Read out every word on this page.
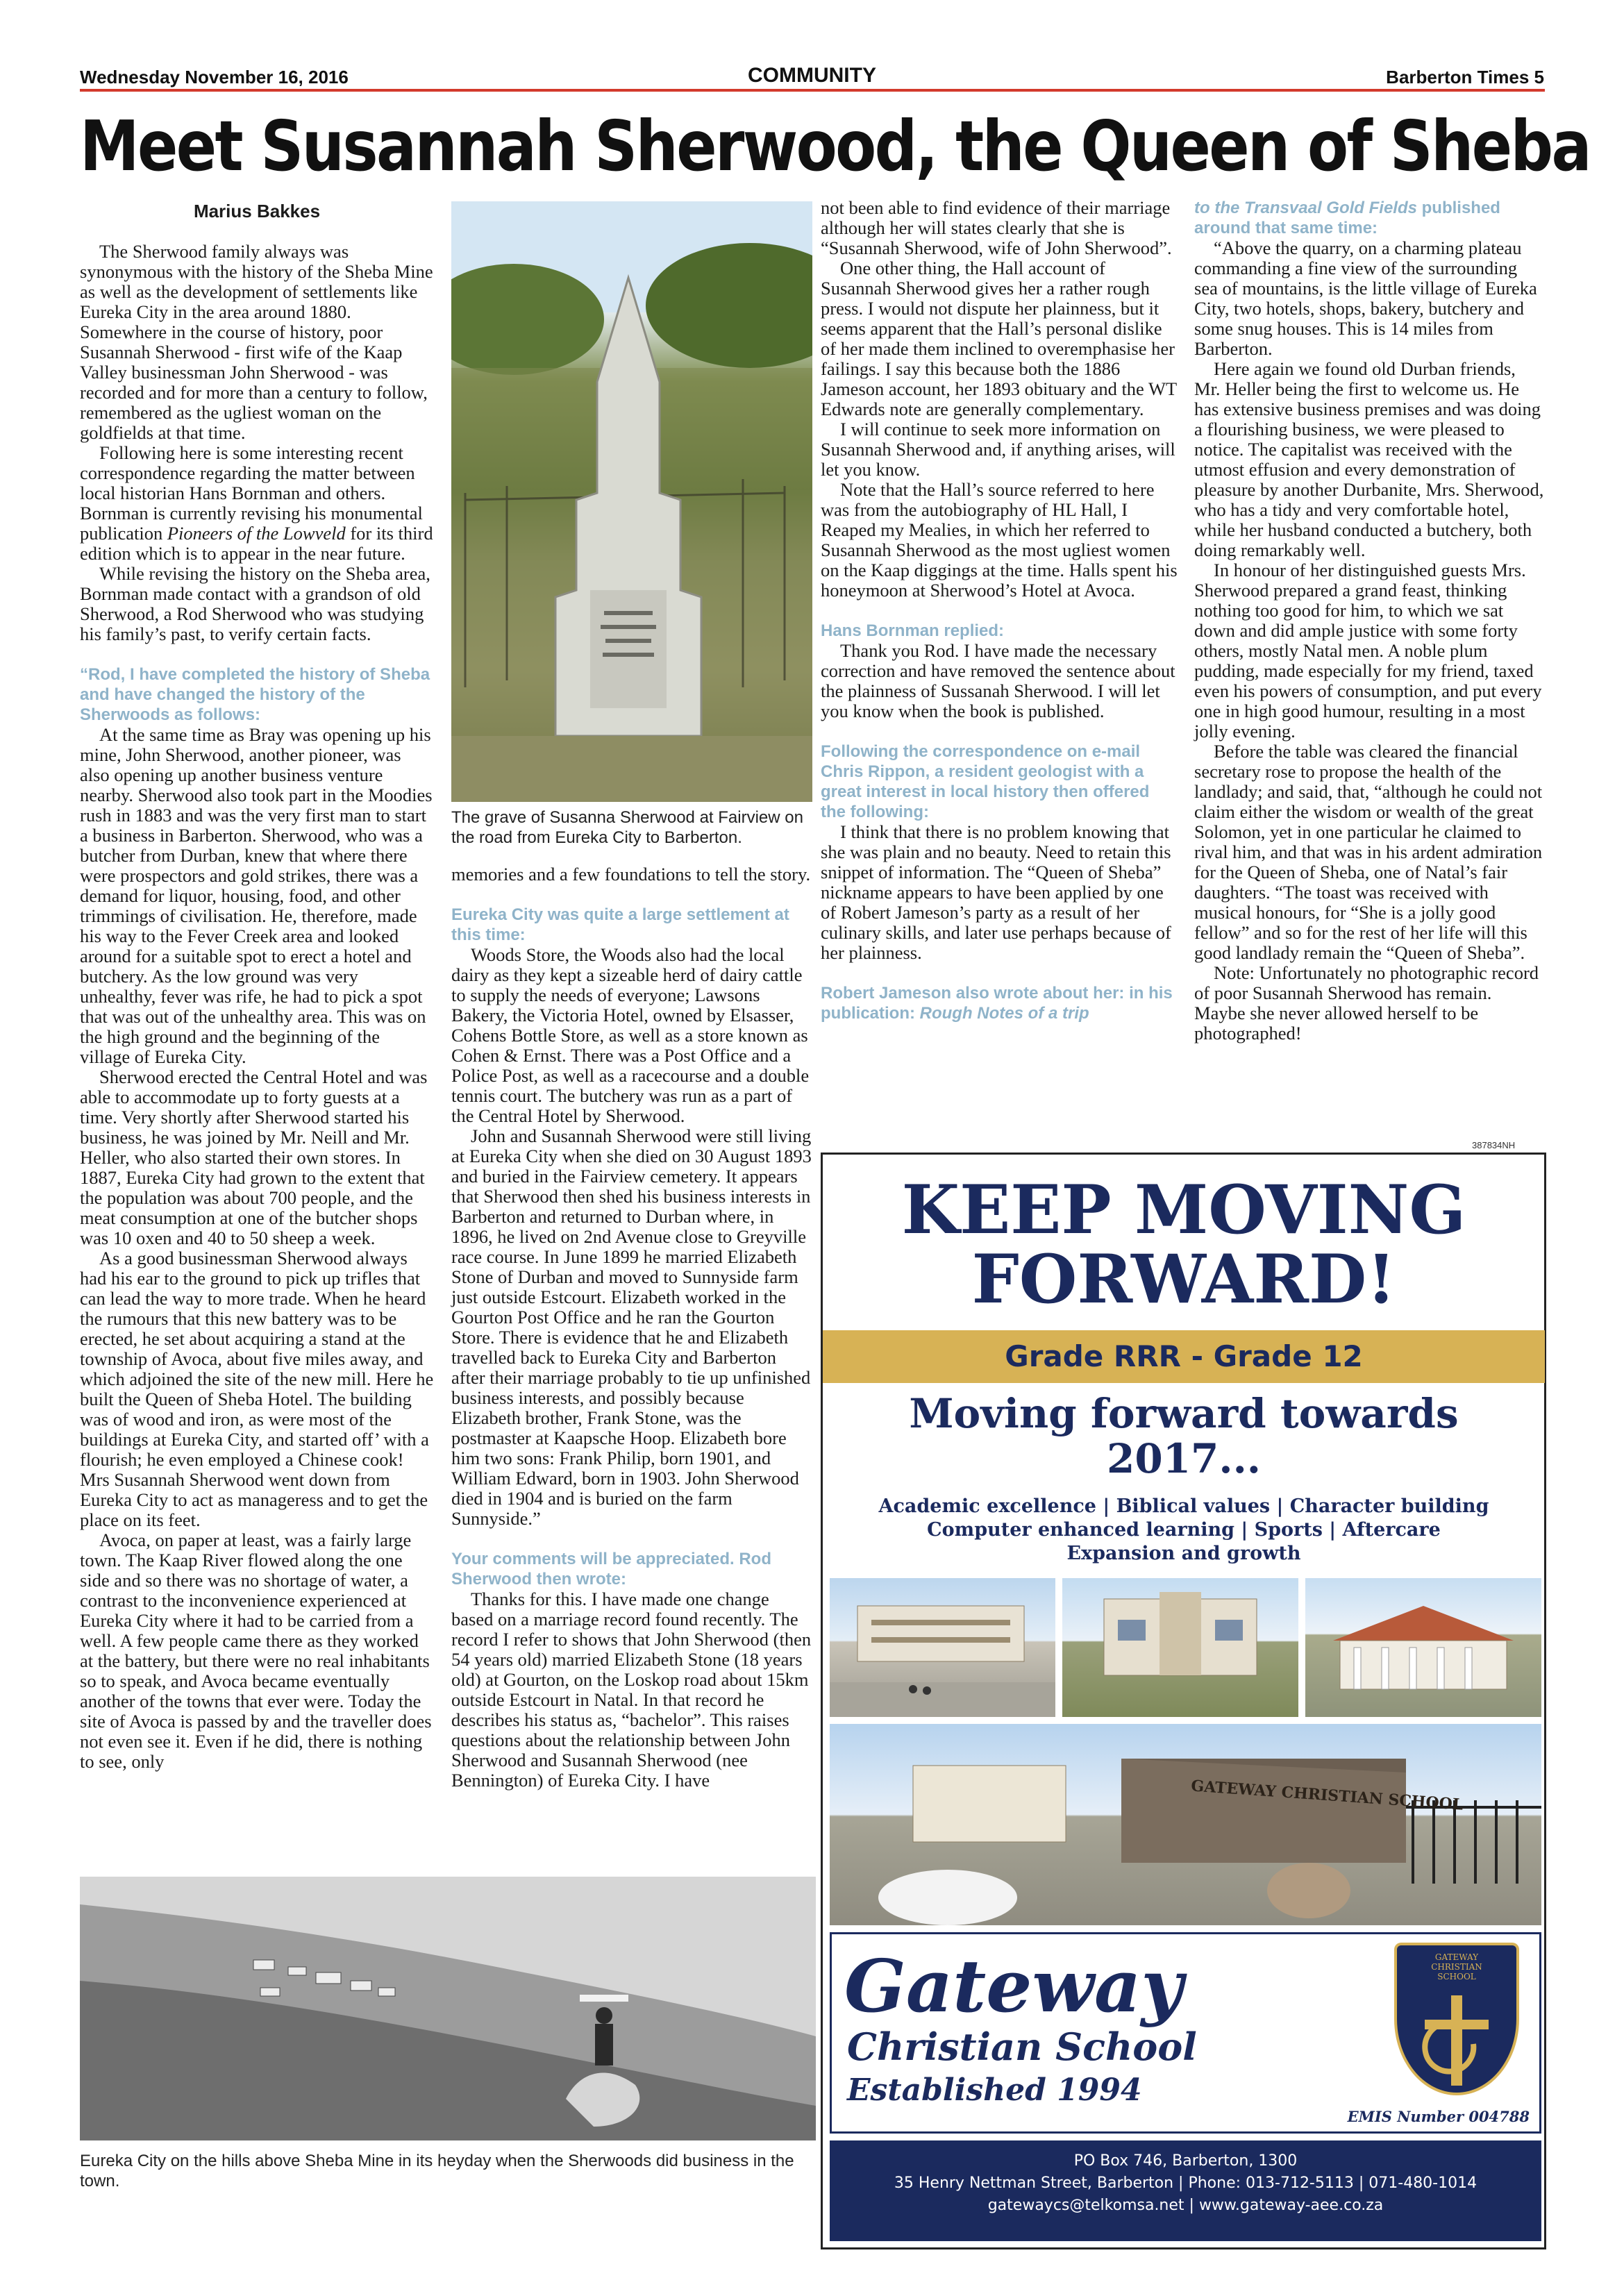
Wednesday November 16, 2016	COMMUNITY	Barberton Times 5
Meet Susannah Sherwood, the Queen of Sheba
Marius Bakkes

The Sherwood family always was synonymous with the history of the Sheba Mine as well as the development of settlements like Eureka City in the area around 1880. Somewhere in the course of history, poor Susannah Sherwood - first wife of the Kaap Valley businessman John Sherwood - was recorded and for more than a century to follow, remembered as the ugliest woman on the goldfields at that time.

Following here is some interesting recent correspondence regarding the matter between local historian Hans Bornman and others. Bornman is currently revising his monumental publication Pioneers of the Lowveld for its third edition which is to appear in the near future.

While revising the history on the Sheba area, Bornman made contact with a grandson of old Sherwood, a Rod Sherwood who was studying his family’s past, to verify certain facts.

“Rod, I have completed the history of Sheba and have changed the history of the Sherwoods as follows:

At the same time as Bray was opening up his mine, John Sherwood, another pioneer, was also opening up another business venture nearby. Sherwood also took part in the Moodies rush in 1883 and was the very first man to start a business in Barberton. Sherwood, who was a butcher from Durban, knew that where there were prospectors and gold strikes, there was a demand for liquor, housing, food, and other trimmings of civilisation. He, therefore, made his way to the Fever Creek area and looked around for a suitable spot to erect a hotel and butchery. As the low ground was very unhealthy, fever was rife, he had to pick a spot that was out of the unhealthy area. This was on the high ground and the beginning of the village of Eureka City.

Sherwood erected the Central Hotel and was able to accommodate up to forty guests at a time. Very shortly after Sherwood started his business, he was joined by Mr. Neill and Mr. Heller, who also started their own stores. In 1887, Eureka City had grown to the extent that the population was about 700 people, and the meat consumption at one of the butcher shops was 10 oxen and 40 to 50 sheep a week.

As a good businessman Sherwood always had his ear to the ground to pick up trifles that can lead the way to more trade. When he heard the rumours that this new battery was to be erected, he set about acquiring a stand at the township of Avoca, about five miles away, and which adjoined the site of the new mill. Here he built the Queen of Sheba Hotel. The building was of wood and iron, as were most of the buildings at Eureka City, and started off’ with a flourish; he even employed a Chinese cook! Mrs Susannah Sherwood went down from Eureka City to act as manageress and to get the place on its feet.

Avoca, on paper at least, was a fairly large town. The Kaap River flowed along the one side and so there was no shortage of water, a contrast to the inconvenience experienced at Eureka City where it had to be carried from a well. A few people came there as they worked at the battery, but there were no real inhabitants so to speak, and Avoca became eventually another of the towns that ever were. Today the site of Avoca is passed by and the traveller does not even see it. Even if he did, there is nothing to see, only

The grave of Susanna Sherwood at Fairview on the road from Eureka City to Barberton.

memories and a few foundations to tell the story.

Eureka City was quite a large settlement at this time:

Woods Store, the Woods also had the local dairy as they kept a sizeable herd of dairy cattle to supply the needs of everyone; Lawsons Bakery, the Victoria Hotel, owned by Elsasser, Cohens Bottle Store, as well as a store known as Cohen & Ernst. There was a Post Office and a Police Post, as well as a racecourse and a double tennis court. The butchery was run as a part of the Central Hotel by Sherwood.

John and Susannah Sherwood were still living at Eureka City when she died on 30 August 1893 and buried in the Fairview cemetery. It appears that Sherwood then shed his business interests in Barberton and returned to Durban where, in 1896, he lived on 2nd Avenue close to Greyville race course. In June 1899 he married Elizabeth Stone of Durban and moved to Sunnyside farm just outside Estcourt. Elizabeth worked in the Gourton Post Office and he ran the Gourton Store. There is evidence that he and Elizabeth travelled back to Eureka City and Barberton after their marriage probably to tie up unfinished business interests, and possibly because Elizabeth brother, Frank Stone, was the postmaster at Kaapsche Hoop. Elizabeth bore him two sons: Frank Philip, born 1901, and William Edward, born in 1903. John Sherwood died in 1904 and is buried on the farm Sunnyside.”

Your comments will be appreciated. Rod Sherwood then wrote:

Thanks for this. I have made one change based on a marriage record found recently. The record I refer to shows that John Sherwood (then 54 years old) married Elizabeth Stone (18 years old) at Gourton, on the Loskop road about 15km outside Estcourt in Natal. In that record he describes his status as, “bachelor”. This raises questions about the relationship between John Sherwood and Susannah Sherwood (nee Bennington) of Eureka City. I have

not been able to find evidence of their marriage although her will states clearly that she is “Susannah Sherwood, wife of John Sherwood”.

One other thing, the Hall account of Susannah Sherwood gives her a rather rough press. I would not dispute her plainness, but it seems apparent that the Hall’s personal dislike of her made them inclined to overemphasise her failings. I say this because both the 1886 Jameson account, her 1893 obituary and the WT Edwards note are generally complementary.

I will continue to seek more information on Susannah Sherwood and, if anything arises, will let you know.

Note that the Hall’s source referred to here was from the autobiography of HL Hall, I Reaped my Mealies, in which her referred to Susannah Sherwood as the most ugliest women on the Kaap diggings at the time. Halls spent his honeymoon at Sherwood’s Hotel at Avoca.

Hans Bornman replied:

Thank you Rod. I have made the necessary correction and have removed the sentence about the plainness of Sussanah Sherwood. I will let you know when the book is published.

Following the correspondence on e-mail Chris Rippon, a resident geologist with a great interest in local history then offered the following:

I think that there is no problem knowing that she was plain and no beauty. Need to retain this snippet of information. The “Queen of Sheba” nickname appears to have been applied by one of Robert Jameson’s party as a result of her culinary skills, and later use perhaps because of her plainness.

Robert Jameson also wrote about her: in his publication: Rough Notes of a trip
to the Transvaal Gold Fields published around that same time:

“Above the quarry, on a charming plateau commanding a fine view of the surrounding sea of mountains, is the little village of Eureka City, two hotels, shops, bakery, butchery and some snug houses. This is 14 miles from Barberton.

Here again we found old Durban friends, Mr. Heller being the first to welcome us. He has extensive business premises and was doing a flourishing business, we were pleased to notice. The capitalist was received with the utmost effusion and every demonstration of pleasure by another Durbanite, Mrs. Sherwood, who has a tidy and very comfortable hotel, while her husband conducted a butchery, both doing remarkably well.

In honour of her distinguished guests Mrs. Sherwood prepared a grand feast, thinking nothing too good for him, to which we sat down and did ample justice with some forty others, mostly Natal men. A noble plum pudding, made especially for my friend, taxed even his powers of consumption, and put every one in high good humour, resulting in a most jolly evening.

Before the table was cleared the financial secretary rose to propose the health of the landlady; and said, that, “although he could not claim either the wisdom or wealth of the great Solomon, yet in one particular he claimed to rival him, and that was in his ardent admiration for the Queen of Sheba, one of Natal’s fair daughters. “The toast was received with musical honours, for “She is a jolly good fellow” and so for the rest of her life will this good landlady remain the “Queen of Sheba”.

Note: Unfortunately no photographic record of poor Susannah Sherwood has remain. Maybe she never allowed herself to be photographed!

Eureka City on the hills above Sheba Mine in its heyday when the Sherwoods did business in the town.
387834NH
KEEP MOVING
FORWARD!
Grade RRR - Grade 12
Moving forward towards
2017...
Academic excellence | Biblical values | Character building
Computer enhanced learning | Sports | Aftercare
Expansion and growth
GATEWAY CHRISTIAN SCHOOL
Gateway
Christian School
Established 1994
GATEWAY CHRISTIAN SCHOOL
EMIS Number 004788
PO Box 746, Barberton, 1300
35 Henry Nettman Street, Barberton | Phone: 013-712-5113 | 071-480-1014
gatewaycs@telkomsa.net | www.gateway-aee.co.za
